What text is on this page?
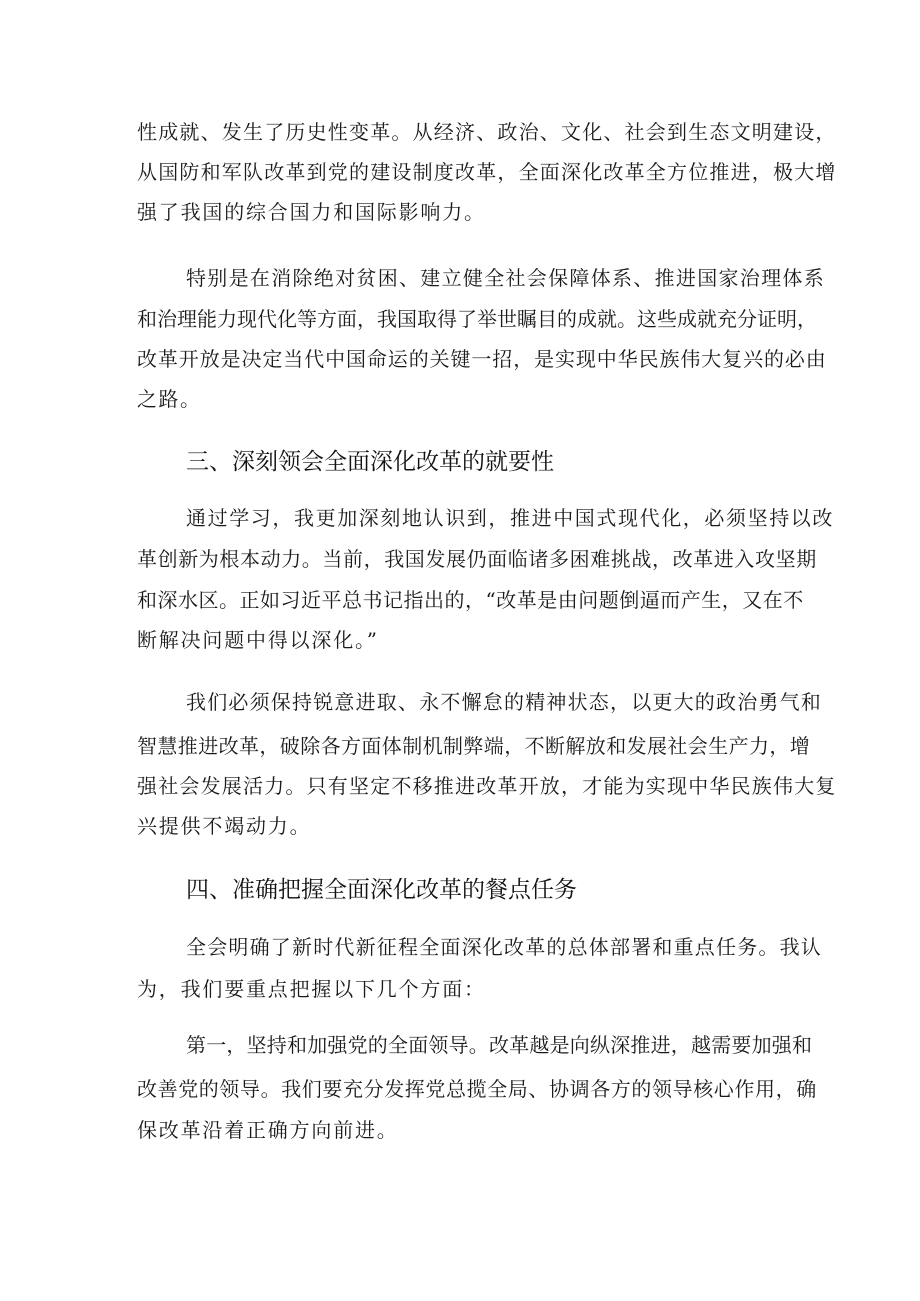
性成就、发生了历史性变革。从经济、政治、文化、社会到生态文明建设，
从国防和军队改革到党的建设制度改革，全面深化改革全方位推进，极大增
强了我国的综合国力和国际影响力。
特别是在消除绝对贫困、建立健全社会保障体系、推进国家治理体系
和治理能力现代化等方面，我国取得了举世瞩目的成就。这些成就充分证明，
改革开放是决定当代中国命运的关键一招，是实现中华民族伟大复兴的必由
之路。
三、深刻领会全面深化改革的就要性
通过学习，我更加深刻地认识到，推进中国式现代化，必须坚持以改
革创新为根本动力。当前，我国发展仍面临诸多困难挑战，改革进入攻坚期
和深水区。正如习近平总书记指出的，“改革是由问题倒逼而产生，又在不
断解决问题中得以深化。”
我们必须保持锐意进取、永不懈怠的精神状态，以更大的政治勇气和
智慧推进改革，破除各方面体制机制弊端，不断解放和发展社会生产力，增
强社会发展活力。只有坚定不移推进改革开放，才能为实现中华民族伟大复
兴提供不竭动力。
四、准确把握全面深化改革的餐点任务
全会明确了新时代新征程全面深化改革的总体部署和重点任务。我认
为，我们要重点把握以下几个方面：
第一，坚持和加强党的全面领导。改革越是向纵深推进，越需要加强和
改善党的领导。我们要充分发挥党总揽全局、协调各方的领导核心作用，确
保改革沿着正确方向前进。
